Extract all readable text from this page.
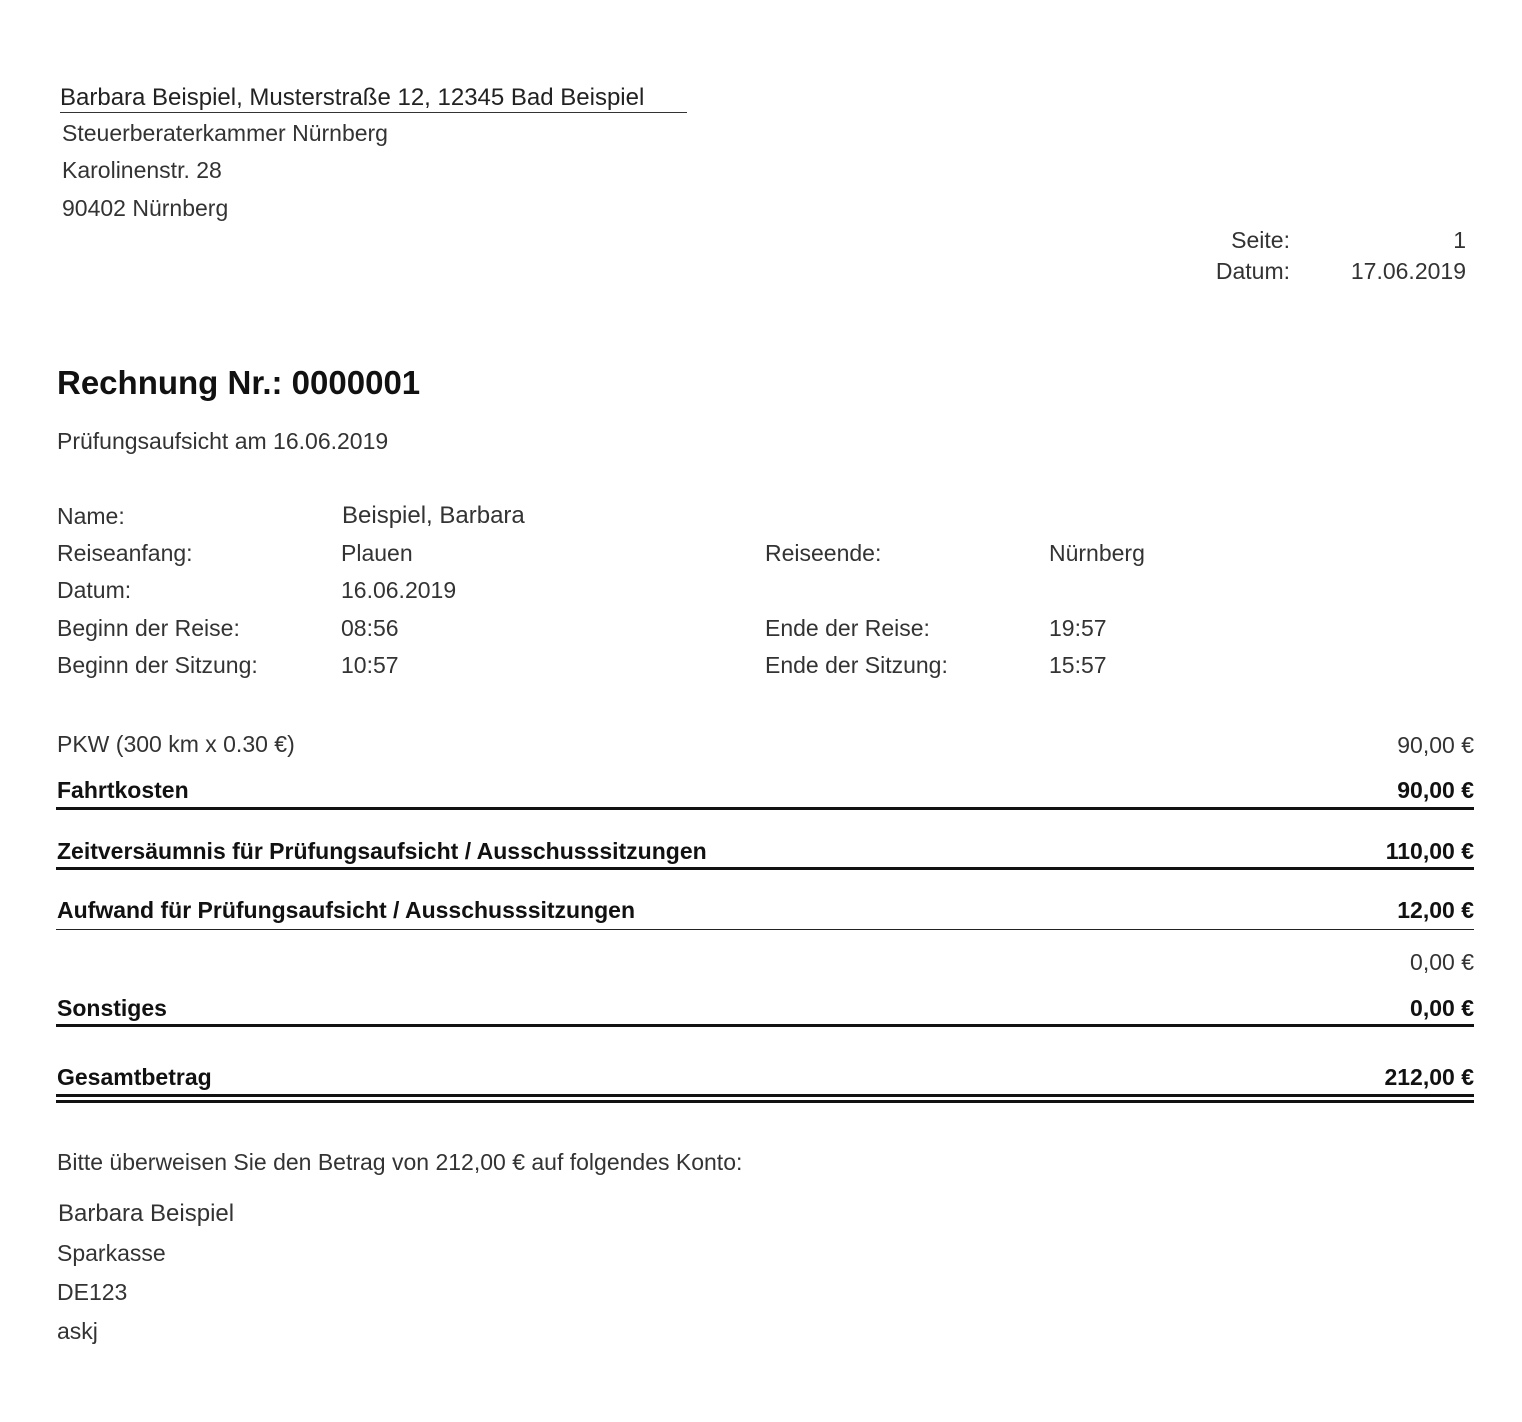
Barbara Beispiel, Musterstraße 12, 12345 Bad Beispiel
Steuerberaterkammer Nürnberg
Karolinenstr. 28
90402 Nürnberg
Seite:	1
Datum:	17.06.2019
Rechnung Nr.: 0000001
Prüfungsaufsicht am 16.06.2019
Name:	Beispiel, Barbara
Reiseanfang:	Plauen	Reiseende:	Nürnberg
Datum:	16.06.2019
Beginn der Reise:	08:56	Ende der Reise:	19:57
Beginn der Sitzung:	10:57	Ende der Sitzung:	15:57
PKW (300 km x 0.30 €)	90,00 €
Fahrtkosten	90,00 €
Zeitversäumnis für Prüfungsaufsicht / Ausschusssitzungen	110,00 €
Aufwand für Prüfungsaufsicht / Ausschusssitzungen	12,00 €
0,00 €
Sonstiges	0,00 €
Gesamtbetrag	212,00 €
Bitte überweisen Sie den Betrag von 212,00 € auf folgendes Konto:
Barbara Beispiel
Sparkasse
DE123
askj
